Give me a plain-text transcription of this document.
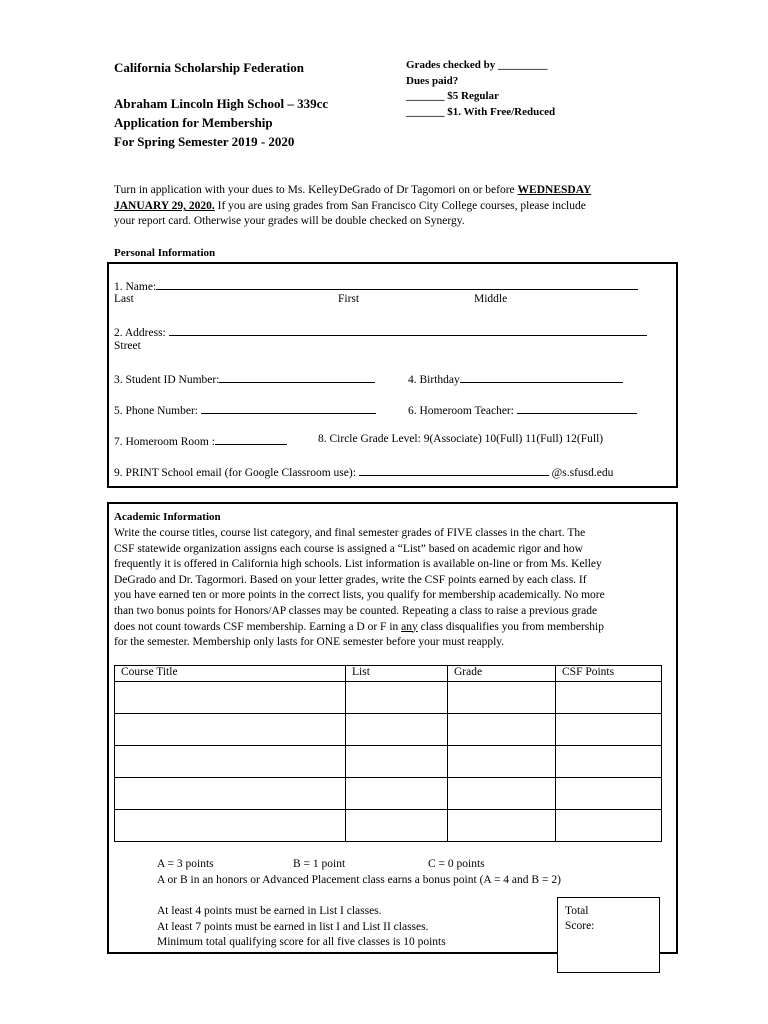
California Scholarship Federation
Abraham Lincoln High School – 339cc
Application for Membership
For Spring Semester 2019 - 2020
Grades checked by _________
Dues paid?
_______ $5 Regular
_______ $1. With Free/Reduced
Turn in application with your dues to Ms. KelleyDeGrado of Dr Tagomori on or before WEDNESDAY
JANUARY 29, 2020. If you are using grades from San Francisco City College courses, please include
your report card. Otherwise your grades will be double checked on Synergy.
Personal Information
1. Name:
Last	First	Middle
2. Address:
Street
3. Student ID Number:	4. Birthday
5. Phone Number:	6. Homeroom Teacher:
7. Homeroom Room :	8. Circle Grade Level: 9(Associate) 10(Full) 11(Full) 12(Full)
9. PRINT School email (for Google Classroom use):	@s.sfusd.edu
Academic Information
Write the course titles, course list category, and final semester grades of FIVE classes in the chart. The
CSF statewide organization assigns each course is assigned a “List” based on academic rigor and how
frequently it is offered in California high schools. List information is available on-line or from Ms. Kelley
DeGrado and Dr. Tagormori. Based on your letter grades, write the CSF points earned by each class. If
you have earned ten or more points in the correct lists, you qualify for membership academically. No more
than two bonus points for Honors/AP classes may be counted. Repeating a class to raise a previous grade
does not count towards CSF membership. Earning a D or F in any class disqualifies you from membership
for the semester. Membership only lasts for ONE semester before your must reapply.
Course Title	List	Grade	CSF Points

A = 3 points	B = 1 point	C = 0 points
A or B in an honors or Advanced Placement class earns a bonus point (A = 4 and B = 2)
At least 4 points must be earned in List I classes.
At least 7 points must be earned in list I and List II classes.
Minimum total qualifying score for all five classes is 10 points
Total
Score:
